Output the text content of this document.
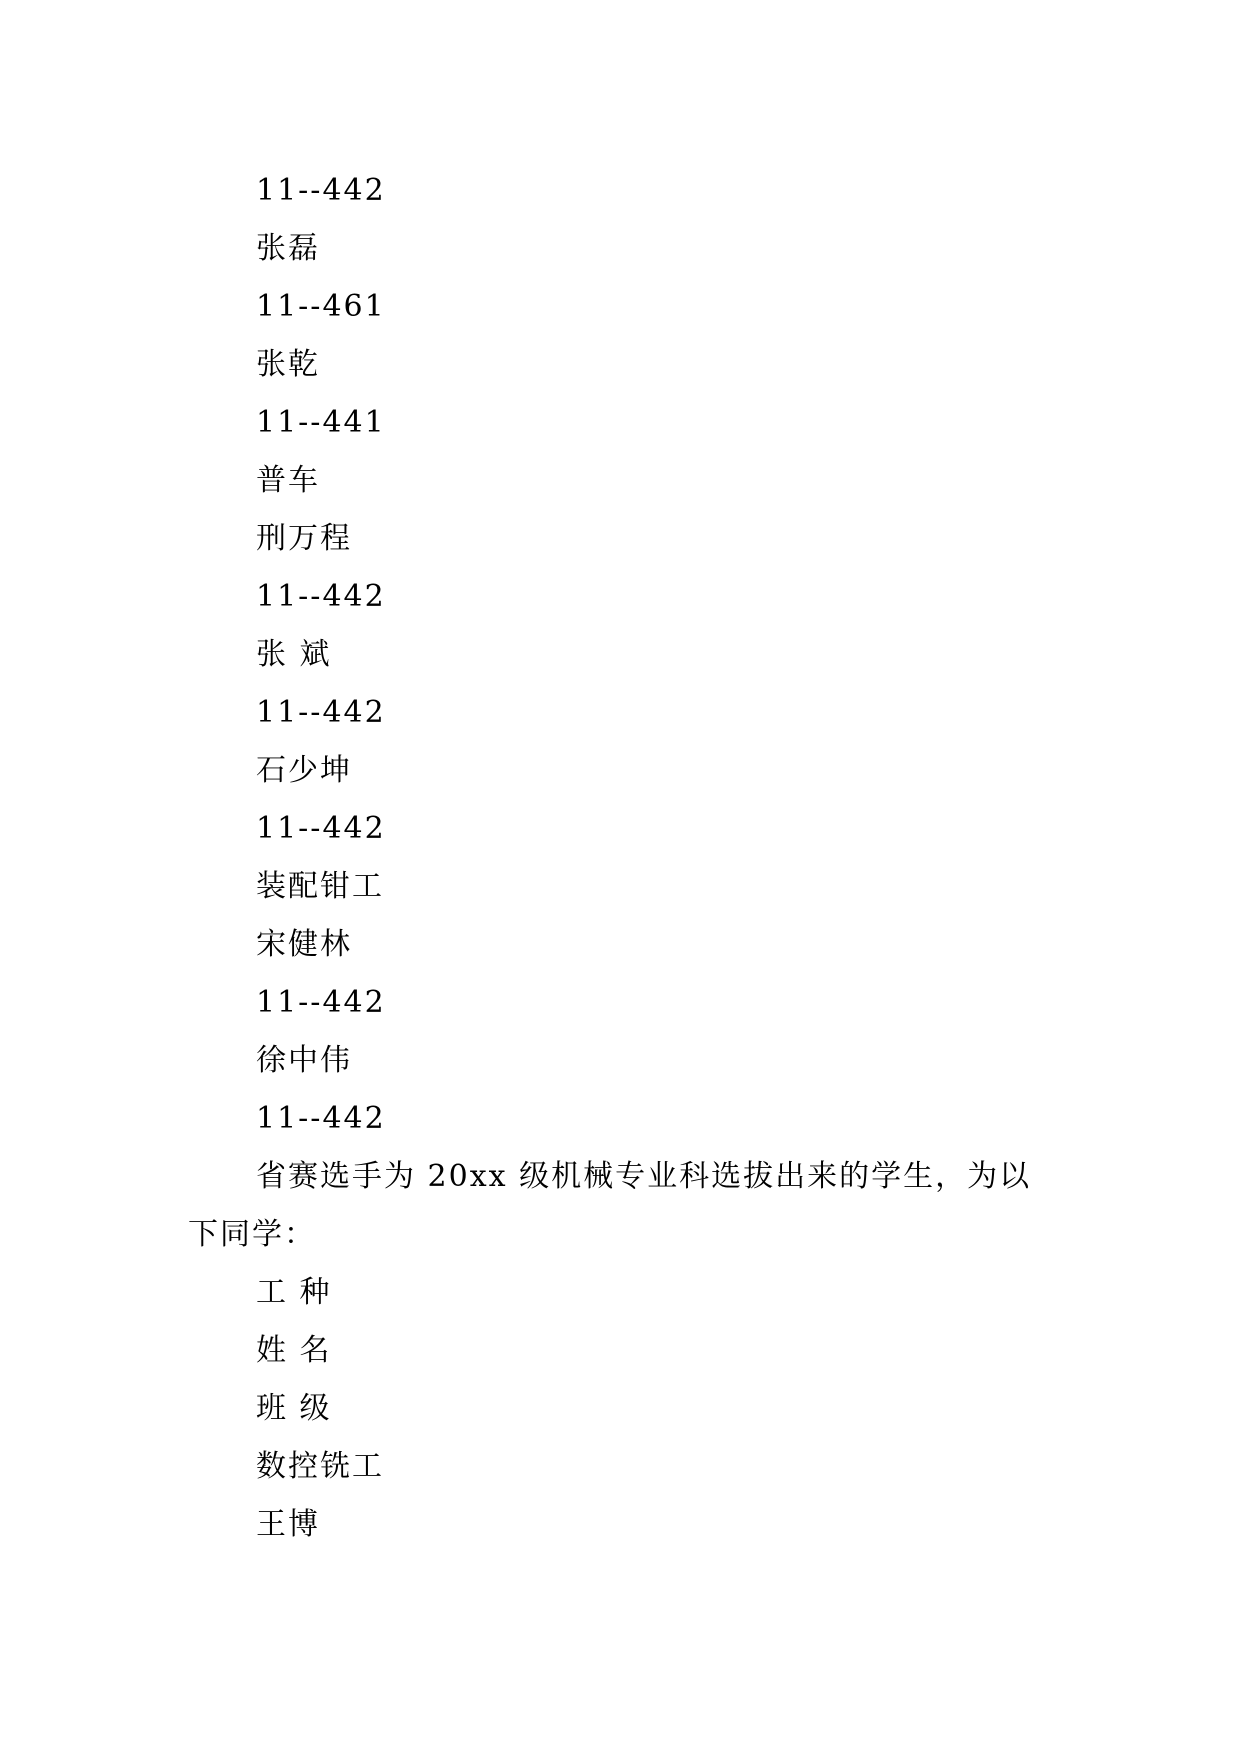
11--442
张磊
11--461
张乾
11--441
普车
刑万程
11--442
张 斌
11--442
石少坤
11--442
装配钳工
宋健林
11--442
徐中伟
11--442
省赛选手为 20xx 级机械专业科选拔出来的学生，为以下同学：
工 种
姓 名
班 级
数控铣工
王博
